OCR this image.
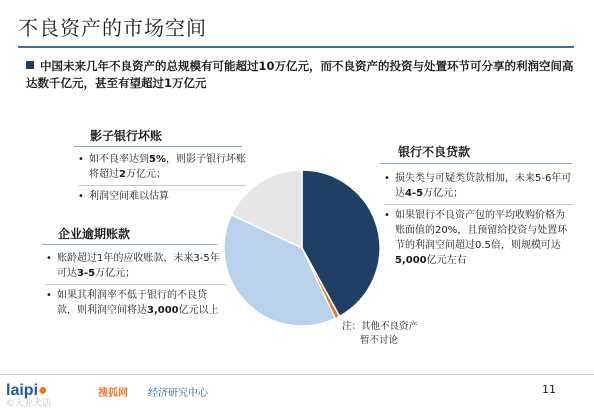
不良资产的市场空间
中国未来几年不良资产的总规模有可能超过10万亿元，而不良资产的投资与处置环节可分享的利润空间高达数千亿元，甚至有望超过1万亿元
影子银行坏账
• 如不良率达到5%，则影子银行坏账将超过2万亿元；
• 利润空间难以估算
企业逾期账款
• 账龄超过1年的应收账款，未来3-5年可达3-5万亿元；
• 如果其利润率不低于银行的不良贷款，则利润空间将达3,000亿元以上
银行不良贷款
• 损失类与可疑类贷款相加，未来5-6年可达4-5万亿元；
• 如果银行不良资产包的平均收购价格为账面值的20%，且预留给投资与处置环节的利润空间超过0.5倍，则规模可达5,000亿元左右
注：其他不良资产
暂不讨论
laipi●	搜狐网 经济研究中心	11
©大业大话
